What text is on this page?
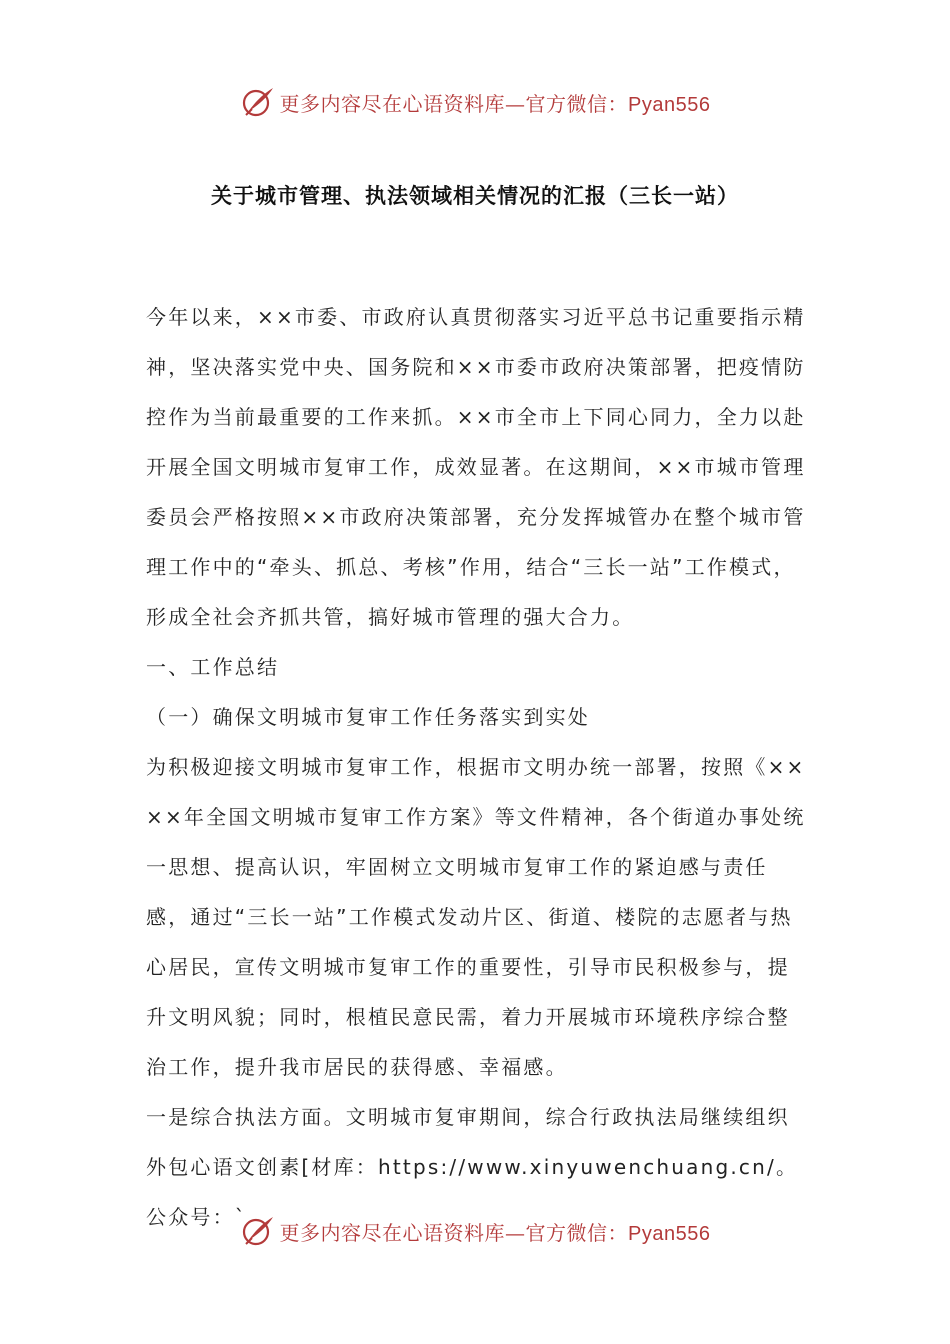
更多内容尽在心语资料库—官方微信：Pyan556
关于城市管理、执法领域相关情况的汇报（三长一站）

今年以来，××市委、市政府认真贯彻落实习近平总书记重要指示精神，坚决落实党中央、国务院和××市委市政府决策部署，把疫情防控作为当前最重要的工作来抓。××市全市上下同心同力，全力以赴开展全国文明城市复审工作，成效显著。在这期间，××市城市管理委员会严格按照××市政府决策部署，充分发挥城管办在整个城市管理工作中的“牵头、抓总、考核”作用，结合“三长一站”工作模式，形成全社会齐抓共管，搞好城市管理的强大合力。

一、工作总结

（一）确保文明城市复审工作任务落实到实处

为积极迎接文明城市复审工作，根据市文明办统一部署，按照《××××年全国文明城市复审工作方案》等文件精神，各个街道办事处统一思想、提高认识，牢固树立文明城市复审工作的紧迫感与责任感，通过“三长一站”工作模式发动片区、街道、楼院的志愿者与热心居民，宣传文明城市复审工作的重要性，引导市民积极参与，提升文明风貌；同时，根植民意民需，着力开展城市环境秩序综合整治工作，提升我市居民的获得感、幸福感。

一是综合执法方面。文明城市复审期间，综合行政执法局继续组织外包心语文创素[材库：https://www.xinyuwenchuang.cn/。公众号：`

更多内容尽在心语资料库—官方微信：Pyan556
